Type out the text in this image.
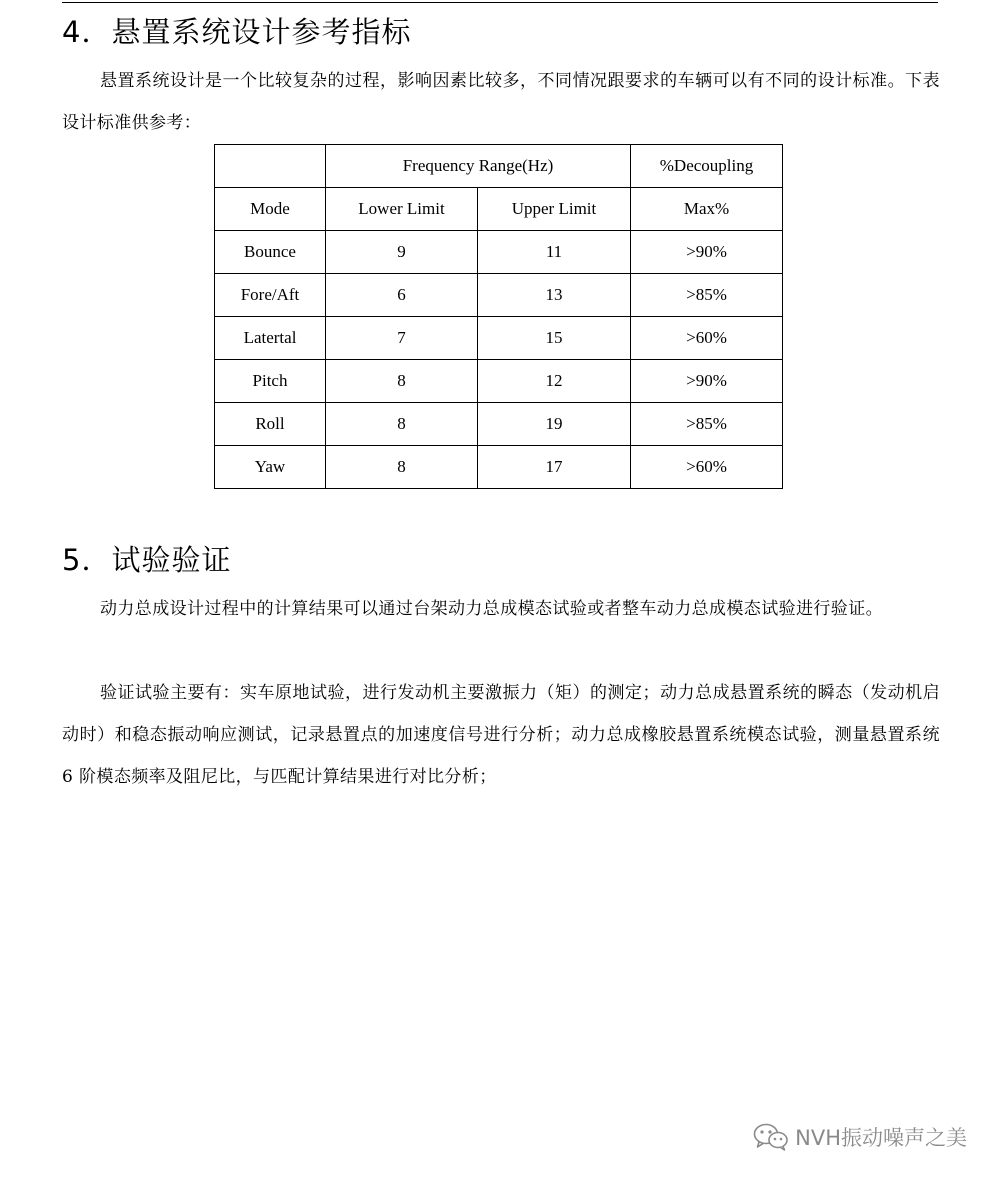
4．悬置系统设计参考指标

悬置系统设计是一个比较复杂的过程，影响因素比较多，不同情况跟要求的车辆可以有不同的设计标准。下表设计标准供参考：

	Frequency Range(Hz)		%Decoupling
Mode	Lower Limit	Upper Limit	Max%
Bounce	9	11	>90%
Fore/Aft	6	13	>85%
Latertal	7	15	>60%
Pitch	8	12	>90%
Roll	8	19	>85%
Yaw	8	17	>60%
5．试验验证

动力总成设计过程中的计算结果可以通过台架动力总成模态试验或者整车动力总成模态试验进行验证。

验证试验主要有：实车原地试验，进行发动机主要激振力（矩）的测定；动力总成悬置系统的瞬态（发动机启动时）和稳态振动响应测试，记录悬置点的加速度信号进行分析；动力总成橡胶悬置系统模态试验，测量悬置系统 6 阶模态频率及阻尼比，与匹配计算结果进行对比分析；

NVH振动噪声之美
